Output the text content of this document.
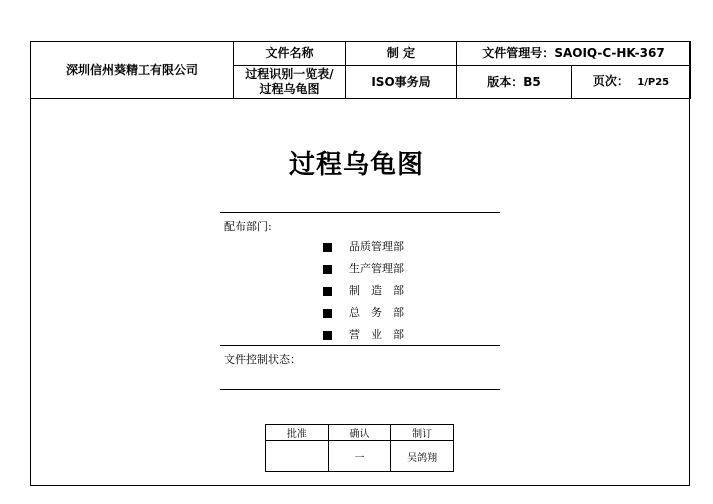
深圳信州葵精工有限公司	文件名称	制 定	文件管理号：SAOIQ-C-HK-367	
	过程识别一览表/过程乌龟图	ISO事务局	版本：B5	页次： 1/P25
过程乌龟图
配布部门:
品质管理部
生产管理部
制　造　部
总　务　部
营　业　部
文件控制状态：
批准	确认	制订
	一	吴鸽翔
